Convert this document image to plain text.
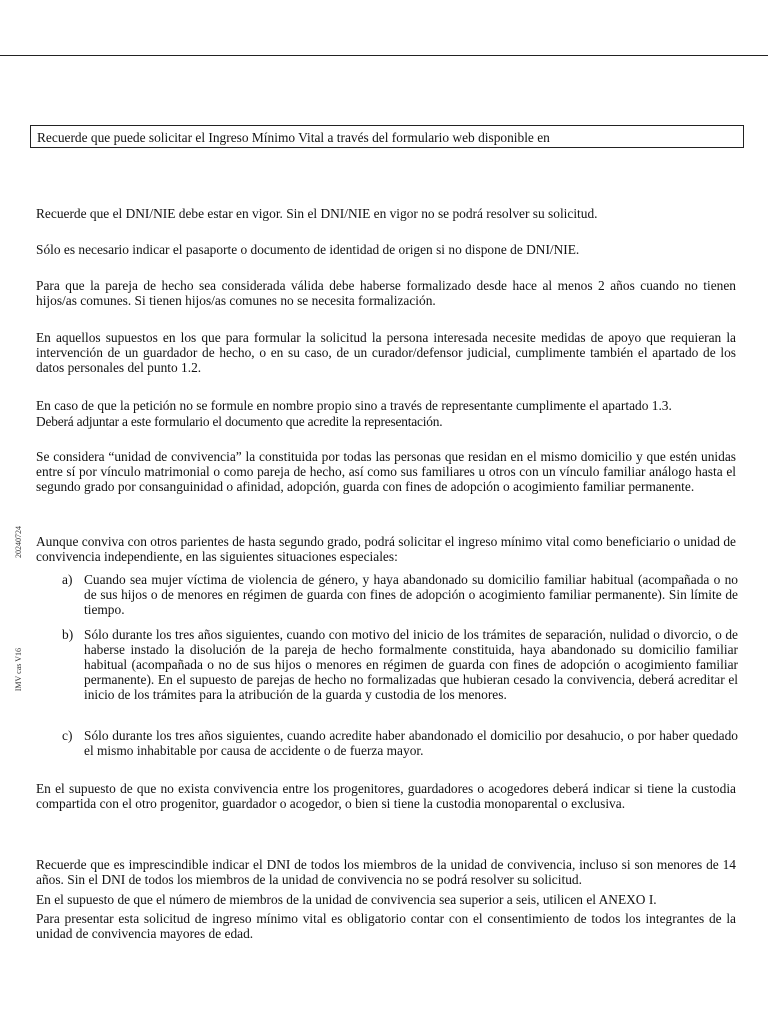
20240724
IMV cas V16
Recuerde que puede solicitar el Ingreso Mínimo Vital a través del formulario web disponible en

Recuerde que el DNI/NIE debe estar en vigor. Sin el DNI/NIE en vigor no se podrá resolver su solicitud.

Sólo es necesario indicar el pasaporte o documento de identidad de origen si no dispone de DNI/NIE.

Para que la pareja de hecho sea considerada válida debe haberse formalizado desde hace al menos 2 años cuando no tienen hijos/as comunes. Si tienen hijos/as comunes no se necesita formalización.

En aquellos supuestos en los que para formular la solicitud la persona interesada necesite medidas de apoyo que requieran la intervención de un guardador de hecho, o en su caso, de un curador/defensor judicial, cumplimente también el apartado de los datos personales del punto 1.2.

En caso de que la petición no se formule en nombre propio sino a través de representante cumplimente el apartado 1.3.

Deberá adjuntar a este formulario el documento que acredite la representación.

Se considera “unidad de convivencia” la constituida por todas las personas que residan en el mismo domicilio y que estén unidas entre sí por vínculo matrimonial o como pareja de hecho, así como sus familiares u otros con un vínculo familiar análogo hasta el segundo grado por consanguinidad o afinidad, adopción, guarda con fines de adopción o acogimiento familiar permanente.

Aunque conviva con otros parientes de hasta segundo grado, podrá solicitar el ingreso mínimo vital como beneficiario o unidad de convivencia independiente, en las siguientes situaciones especiales:

a) Cuando sea mujer víctima de violencia de género, y haya abandonado su domicilio familiar habitual (acompañada o no de sus hijos o de menores en régimen de guarda con fines de adopción o acogimiento familiar permanente). Sin límite de tiempo.
b) Sólo durante los tres años siguientes, cuando con motivo del inicio de los trámites de separación, nulidad o divorcio, o de haberse instado la disolución de la pareja de hecho formalmente constituida, haya abandonado su domicilio familiar habitual (acompañada o no de sus hijos o menores en régimen de guarda con fines de adopción o acogimiento familiar permanente). En el supuesto de parejas de hecho no formalizadas que hubieran cesado la convivencia, deberá acreditar el inicio de los trámites para la atribución de la guarda y custodia de los menores.
c) Sólo durante los tres años siguientes, cuando acredite haber abandonado el domicilio por desahucio, o por haber quedado el mismo inhabitable por causa de accidente o de fuerza mayor.

En el supuesto de que no exista convivencia entre los progenitores, guardadores o acogedores deberá indicar si tiene la custodia compartida con el otro progenitor, guardador o acogedor, o bien si tiene la custodia monoparental o exclusiva.

Recuerde que es imprescindible indicar el DNI de todos los miembros de la unidad de convivencia, incluso si son menores de 14 años. Sin el DNI de todos los miembros de la unidad de convivencia no se podrá resolver su solicitud.

En el supuesto de que el número de miembros de la unidad de convivencia sea superior a seis, utilicen el ANEXO I.

Para presentar esta solicitud de ingreso mínimo vital es obligatorio contar con el consentimiento de todos los integrantes de la unidad de convivencia mayores de edad.
